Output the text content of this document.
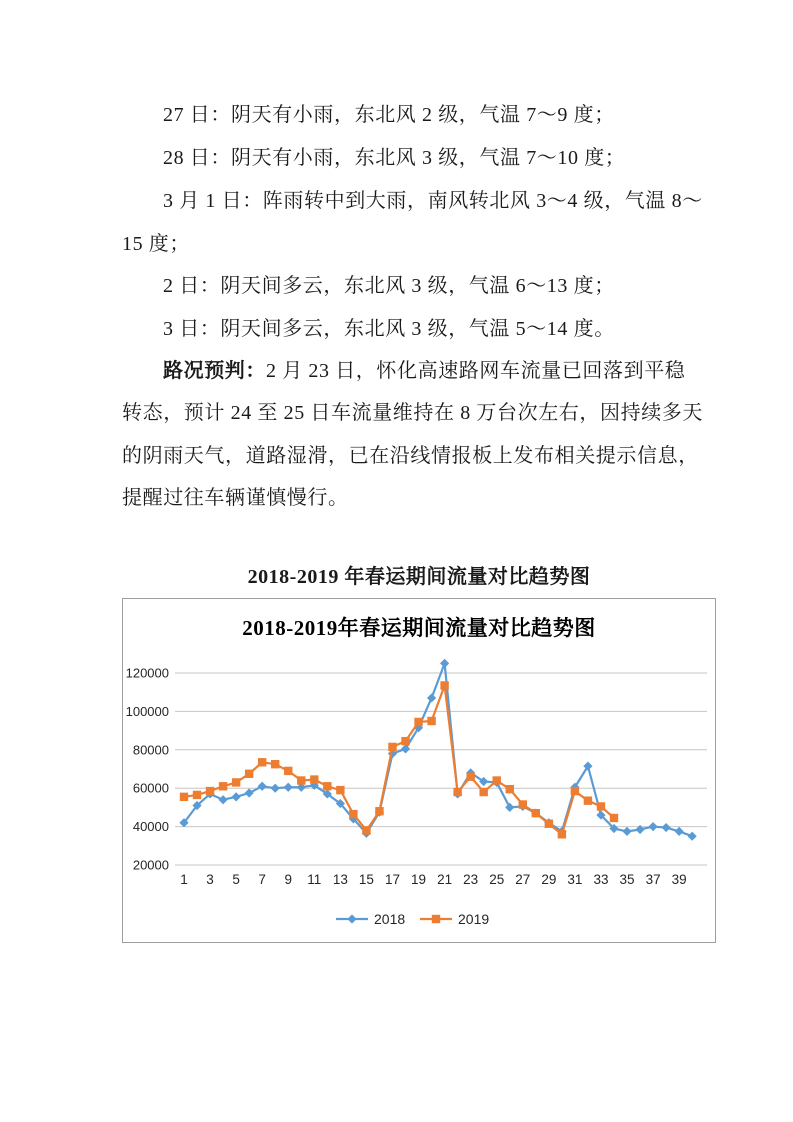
27 日：阴天有小雨，东北风 2 级，气温 7～9 度；

28 日：阴天有小雨，东北风 3 级，气温 7～10 度；

3 月 1 日：阵雨转中到大雨，南风转北风 3～4 级，气温 8～

15 度；

2 日：阴天间多云，东北风 3 级，气温 6～13 度；

3 日：阴天间多云，东北风 3 级，气温 5～14 度。

路况预判：2 月 23 日，怀化高速路网车流量已回落到平稳

转态，预计 24 至 25 日车流量维持在 8 万台次左右，因持续多天

的阴雨天气，道路湿滑，已在沿线情报板上发布相关提示信息，

提醒过往车辆谨慎慢行。

2018-2019 年春运期间流量对比趋势图

2018-2019年春运期间流量对比趋势图
20000
40000
60000
80000
100000
120000
1 3 5 7 9 11 13 15 17 19 21 23 25 27 29 31 33 35 37 39
2018	2019
